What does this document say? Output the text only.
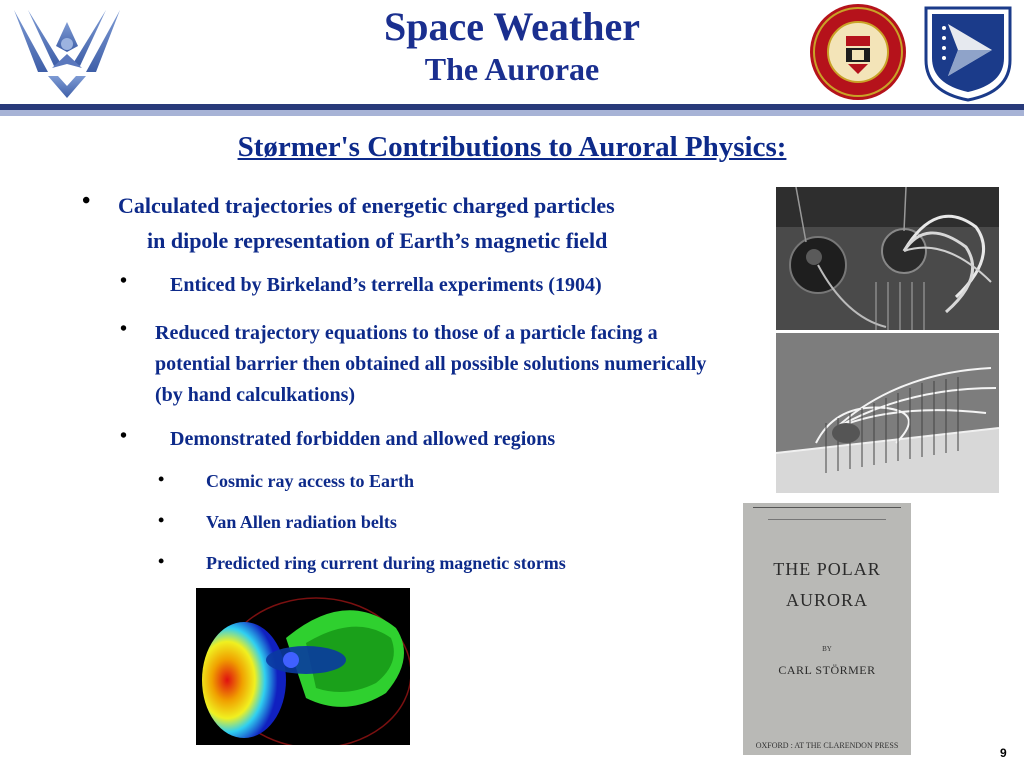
Space Weather
The Aurorae
Størmer's Contributions to Auroral Physics:
• Calculated trajectories of energetic charged particles
in dipole representation of Earth’s magnetic field
• Enticed by Birkeland’s terrella experiments (1904)
• Reduced trajectory equations to those of a particle facing a potential barrier then obtained all possible solutions numerically (by hand calculkations)
• Demonstrated forbidden and allowed regions
• Cosmic ray access to Earth
• Van Allen radiation belts
• Predicted ring current during magnetic storms	THE POLAR
AURORA
BY
CARL STÖRMER
OXFORD : AT THE CLARENDON PRESS
9
